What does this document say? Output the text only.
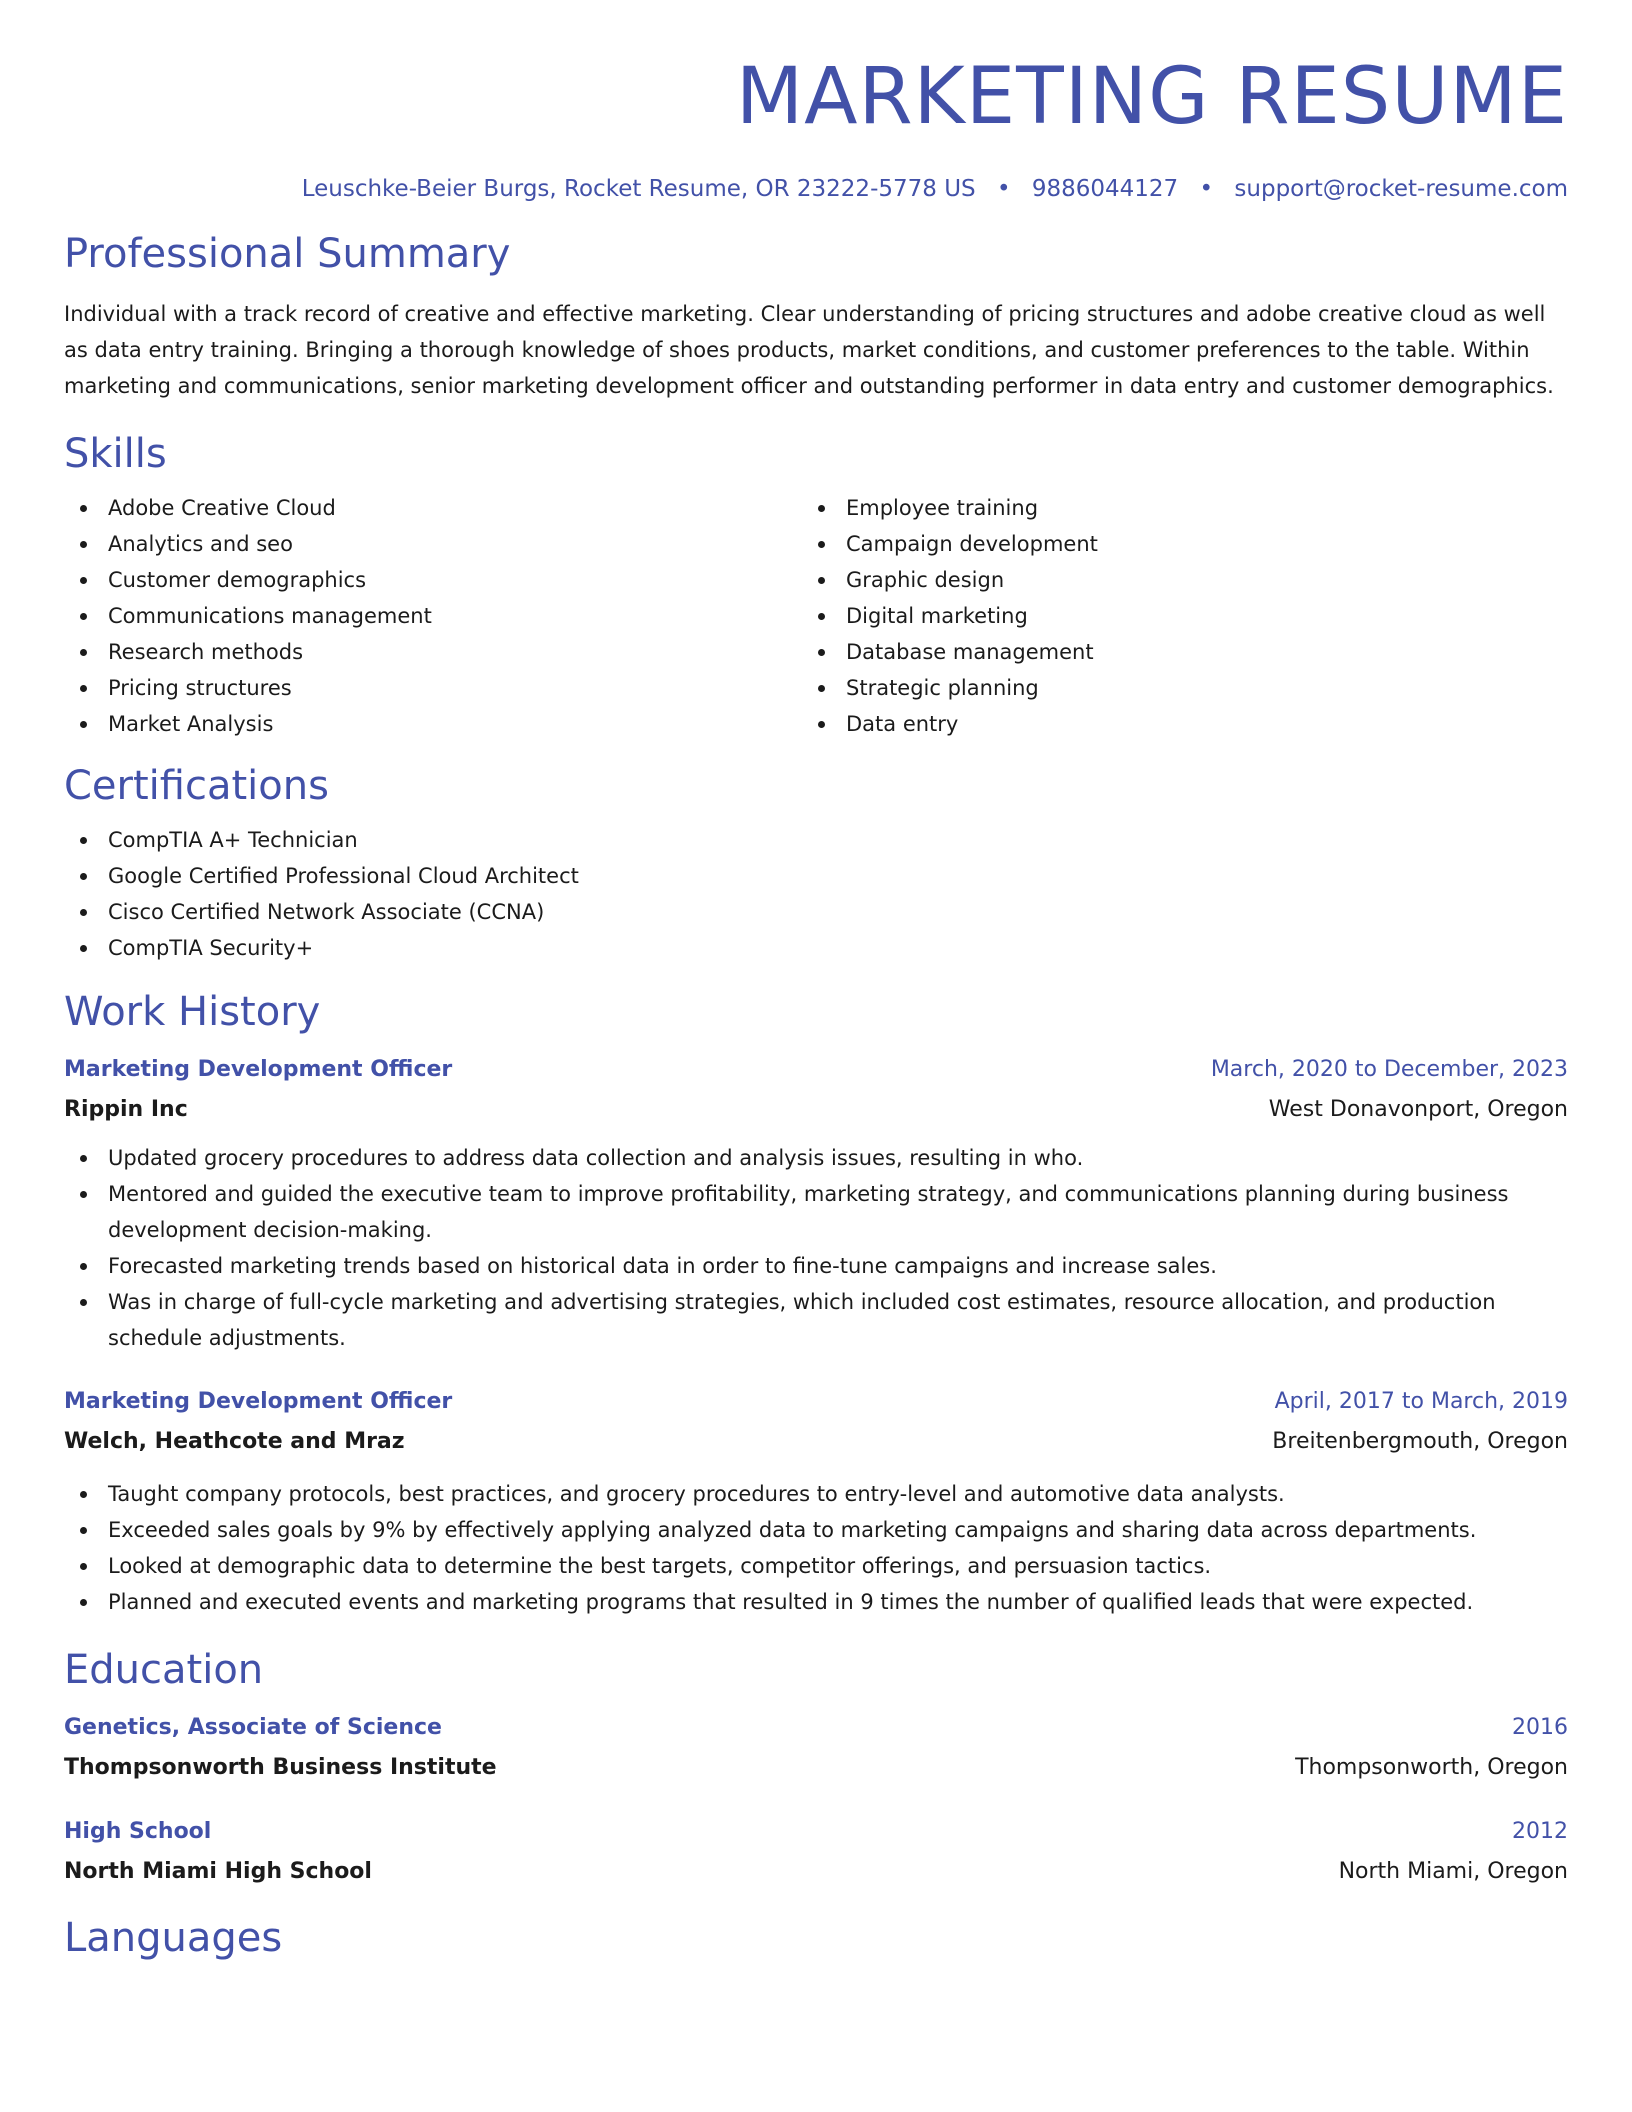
MARKETING RESUME
Leuschke-Beier Burgs, Rocket Resume, OR 23222-5778 US • 9886044127 • support@rocket-resume.com
Professional Summary

Individual with a track record of creative and effective marketing. Clear understanding of pricing structures and adobe creative cloud as well as data entry training. Bringing a thorough knowledge of shoes products, market conditions, and customer preferences to the table. Within marketing and communications, senior marketing development officer and outstanding performer in data entry and customer demographics.

Skills
Adobe Creative Cloud
Analytics and seo
Customer demographics
Communications management
Research methods
Pricing structures
Market Analysis
Employee training
Campaign development
Graphic design
Digital marketing
Database management
Strategic planning
Data entry
Certifications
CompTIA A+ Technician
Google Certified Professional Cloud Architect
Cisco Certified Network Associate (CCNA)
CompTIA Security+
Work History
Marketing Development Officer	March, 2020 to December, 2023
Rippin Inc	West Donavonport, Oregon
Updated grocery procedures to address data collection and analysis issues, resulting in who.
Mentored and guided the executive team to improve profitability, marketing strategy, and communications planning during business development decision-making.
Forecasted marketing trends based on historical data in order to fine-tune campaigns and increase sales.
Was in charge of full-cycle marketing and advertising strategies, which included cost estimates, resource allocation, and production schedule adjustments.
Marketing Development Officer	April, 2017 to March, 2019
Welch, Heathcote and Mraz	Breitenbergmouth, Oregon
Taught company protocols, best practices, and grocery procedures to entry-level and automotive data analysts.
Exceeded sales goals by 9% by effectively applying analyzed data to marketing campaigns and sharing data across departments.
Looked at demographic data to determine the best targets, competitor offerings, and persuasion tactics.
Planned and executed events and marketing programs that resulted in 9 times the number of qualified leads that were expected.
Education
Genetics, Associate of Science	2016
Thompsonworth Business Institute	Thompsonworth, Oregon
High School	2012
North Miami High School	North Miami, Oregon
Languages
